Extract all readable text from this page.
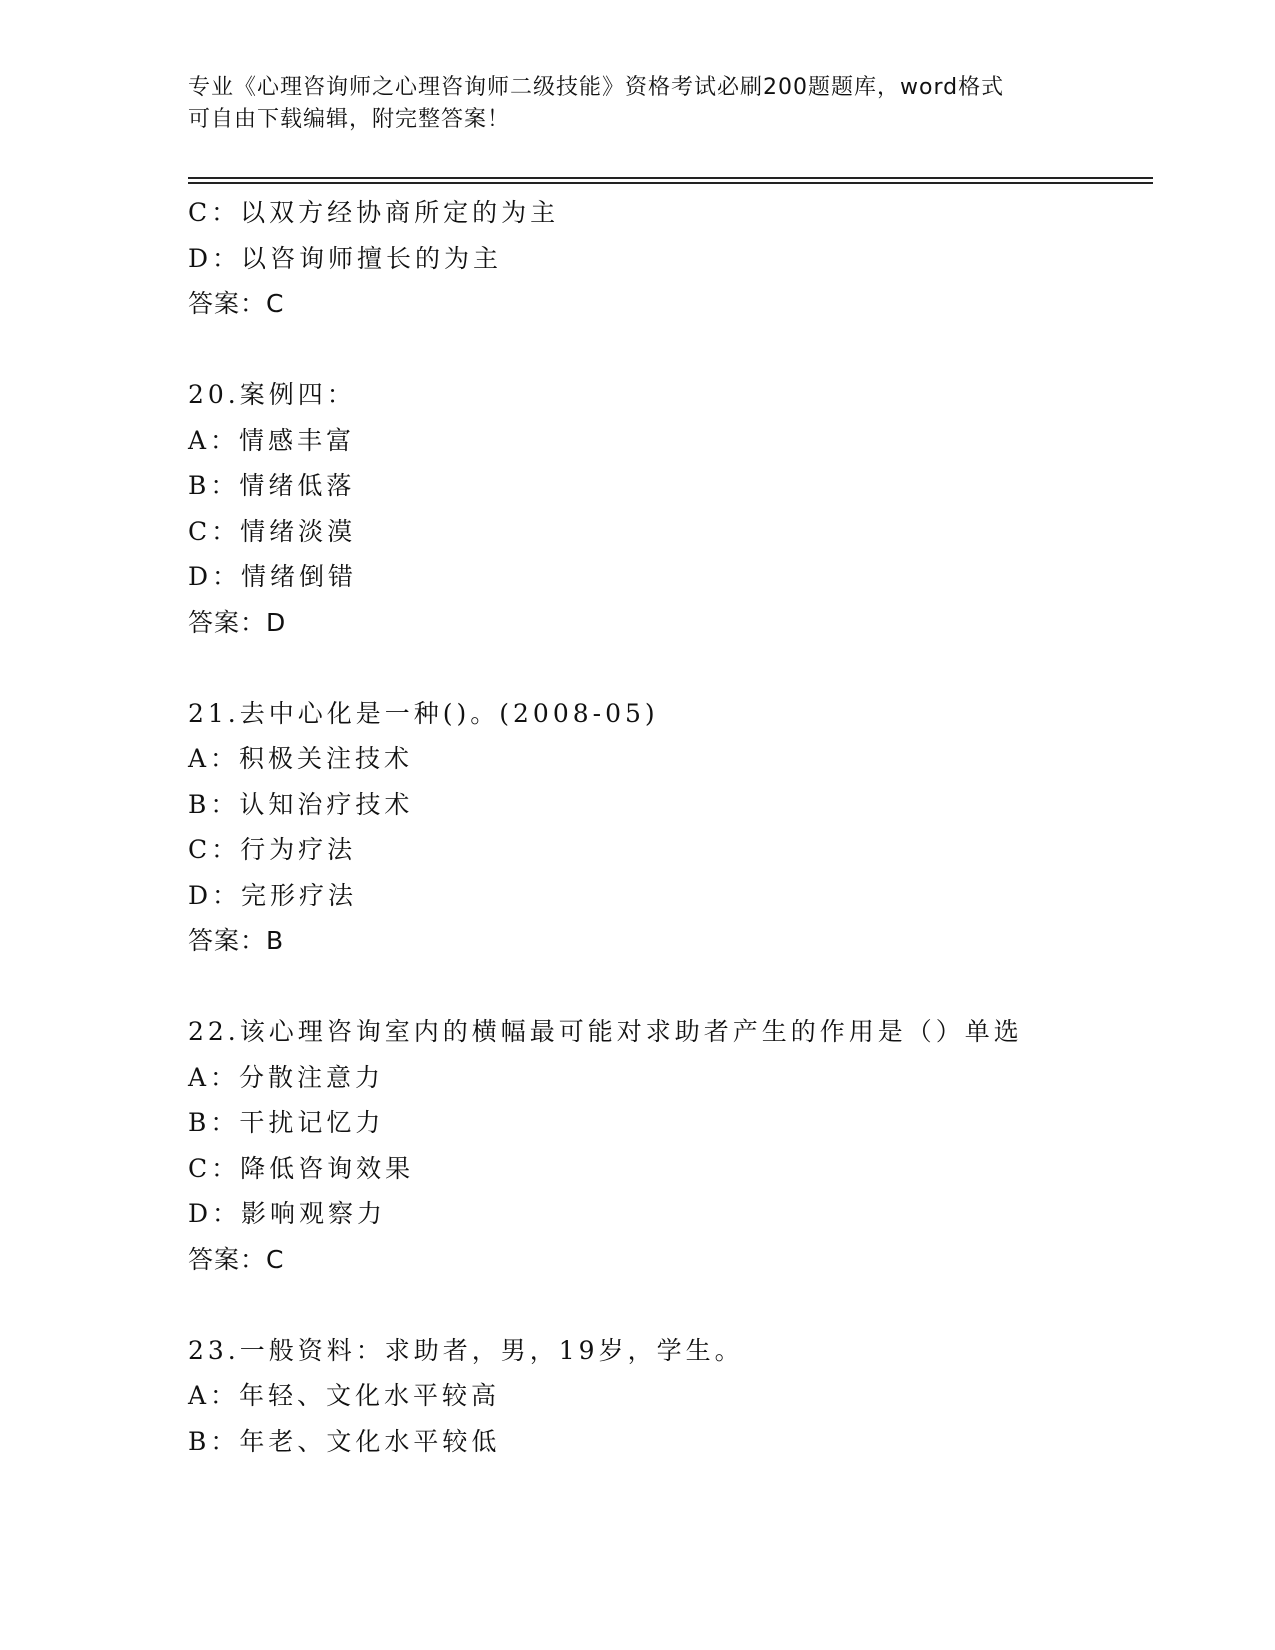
专业《心理咨询师之心理咨询师二级技能》资格考试必刷200题题库，word格式
可自由下载编辑，附完整答案！
C：以双方经协商所定的为主
D：以咨询师擅长的为主
答案：C
20.案例四：
A：情感丰富
B：情绪低落
C：情绪淡漠
D：情绪倒错
答案：D
21.去中心化是一种()。(2008-05)
A：积极关注技术
B：认知治疗技术
C：行为疗法
D：完形疗法
答案：B
22.该心理咨询室内的横幅最可能对求助者产生的作用是（）单选
A：分散注意力
B：干扰记忆力
C：降低咨询效果
D：影响观察力
答案：C
23.一般资料：求助者，男，19岁，学生。
A：年轻、文化水平较高
B：年老、文化水平较低
